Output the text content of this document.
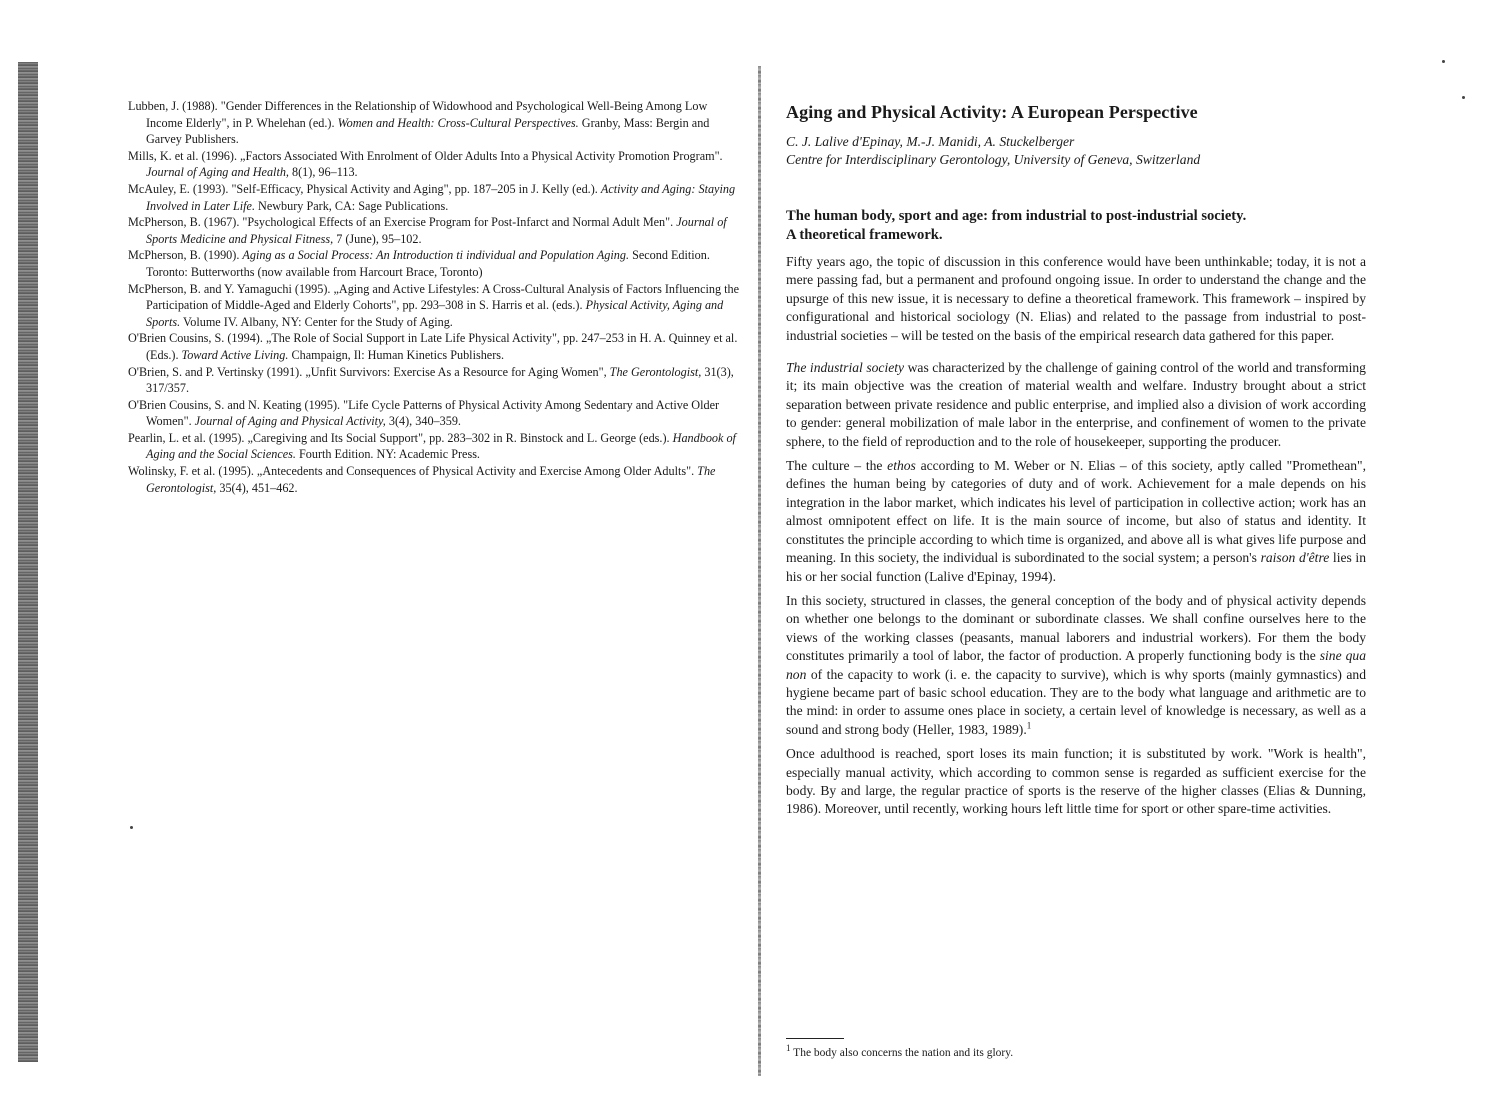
Lubben, J. (1988). "Gender Differences in the Relationship of Widowhood and Psychological Well-Being Among Low Income Elderly", in P. Whelehan (ed.). Women and Health: Cross-Cultural Perspectives. Granby, Mass: Bergin and Garvey Publishers.

Mills, K. et al. (1996). „Factors Associated With Enrolment of Older Adults Into a Physical Activity Promotion Program". Journal of Aging and Health, 8(1), 96–113.

McAuley, E. (1993). "Self-Efficacy, Physical Activity and Aging", pp. 187–205 in J. Kelly (ed.). Activity and Aging: Staying Involved in Later Life. Newbury Park, CA: Sage Publications.

McPherson, B. (1967). "Psychological Effects of an Exercise Program for Post-Infarct and Normal Adult Men". Journal of Sports Medicine and Physical Fitness, 7 (June), 95–102.

McPherson, B. (1990). Aging as a Social Process: An Introduction ti individual and Population Aging. Second Edition. Toronto: Butterworths (now available from Harcourt Brace, Toronto)

McPherson, B. and Y. Yamaguchi (1995). „Aging and Active Lifestyles: A Cross-Cultural Analysis of Factors Influencing the Participation of Middle-Aged and Elderly Cohorts", pp. 293–308 in S. Harris et al. (eds.). Physical Activity, Aging and Sports. Volume IV. Albany, NY: Center for the Study of Aging.

O'Brien Cousins, S. (1994). „The Role of Social Support in Late Life Physical Activity", pp. 247–253 in H. A. Quinney et al. (Eds.). Toward Active Living. Champaign, Il: Human Kinetics Publishers.

O'Brien, S. and P. Vertinsky (1991). „Unfit Survivors: Exercise As a Resource for Aging Women", The Gerontologist, 31(3), 317/357.

O'Brien Cousins, S. and N. Keating (1995). "Life Cycle Patterns of Physical Activity Among Sedentary and Active Older Women". Journal of Aging and Physical Activity, 3(4), 340–359.

Pearlin, L. et al. (1995). „Caregiving and Its Social Support", pp. 283–302 in R. Binstock and L. George (eds.). Handbook of Aging and the Social Sciences. Fourth Edition. NY: Academic Press.

Wolinsky, F. et al. (1995). „Antecedents and Consequences of Physical Activity and Exercise Among Older Adults". The Gerontologist, 35(4), 451–462.

Aging and Physical Activity: A European Perspective

C. J. Lalive d'Epinay, M.-J. Manidi, A. Stuckelberger

Centre for Interdisciplinary Gerontology, University of Geneva, Switzerland

The human body, sport and age: from industrial to post-industrial society.
A theoretical framework.

Fifty years ago, the topic of discussion in this conference would have been unthinkable; today, it is not a mere passing fad, but a permanent and profound ongoing issue. In order to understand the change and the upsurge of this new issue, it is necessary to define a theoretical framework. This framework – inspired by configurational and historical sociology (N. Elias) and related to the passage from industrial to post-industrial societies – will be tested on the basis of the empirical research data gathered for this paper.

The industrial society was characterized by the challenge of gaining control of the world and transforming it; its main objective was the creation of material wealth and welfare. Industry brought about a strict separation between private residence and public enterprise, and implied also a division of work according to gender: general mobilization of male labor in the enterprise, and confinement of women to the private sphere, to the field of reproduction and to the role of housekeeper, supporting the producer.

The culture – the ethos according to M. Weber or N. Elias – of this society, aptly called "Promethean", defines the human being by categories of duty and of work. Achievement for a male depends on his integration in the labor market, which indicates his level of participation in collective action; work has an almost omnipotent effect on life. It is the main source of income, but also of status and identity. It constitutes the principle according to which time is organized, and above all is what gives life purpose and meaning. In this society, the individual is subordinated to the social system; a person's raison d'être lies in his or her social function (Lalive d'Epinay, 1994).

In this society, structured in classes, the general conception of the body and of physical activity depends on whether one belongs to the dominant or subordinate classes. We shall confine ourselves here to the views of the working classes (peasants, manual laborers and industrial workers). For them the body constitutes primarily a tool of labor, the factor of production. A properly functioning body is the sine qua non of the capacity to work (i. e. the capacity to survive), which is why sports (mainly gymnastics) and hygiene became part of basic school education. They are to the body what language and arithmetic are to the mind: in order to assume ones place in society, a certain level of knowledge is necessary, as well as a sound and strong body (Heller, 1983, 1989).$^1$

Once adulthood is reached, sport loses its main function; it is substituted by work. "Work is health", especially manual activity, which according to common sense is regarded as sufficient exercise for the body. By and large, the regular practice of sports is the reserve of the higher classes (Elias & Dunning, 1986). Moreover, until recently, working hours left little time for sport or other spare-time activities.

$^1$ The body also concerns the nation and its glory.
